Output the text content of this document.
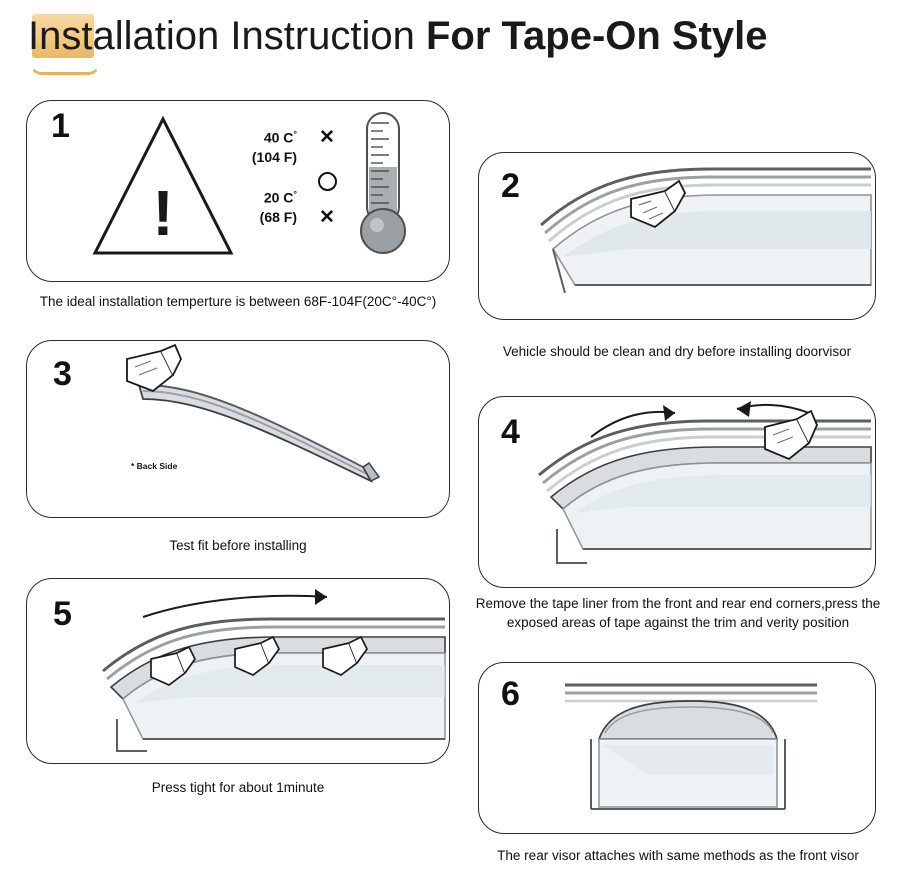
Installation Instruction For Tape-On Style
1
!
40 C°
(104 F)
20 C°
(68 F)
✕
✕
The ideal installation temperture is between 68F-104F(20C°-40C°)
2
Vehicle should be clean and dry before installing doorvisor
3
* Back Side
Test fit before installing
4
Remove the tape liner from the front and rear end corners,press the exposed areas of tape against the trim and verity position
5
Press tight for about 1minute
6
The rear visor attaches with same methods as the front visor
